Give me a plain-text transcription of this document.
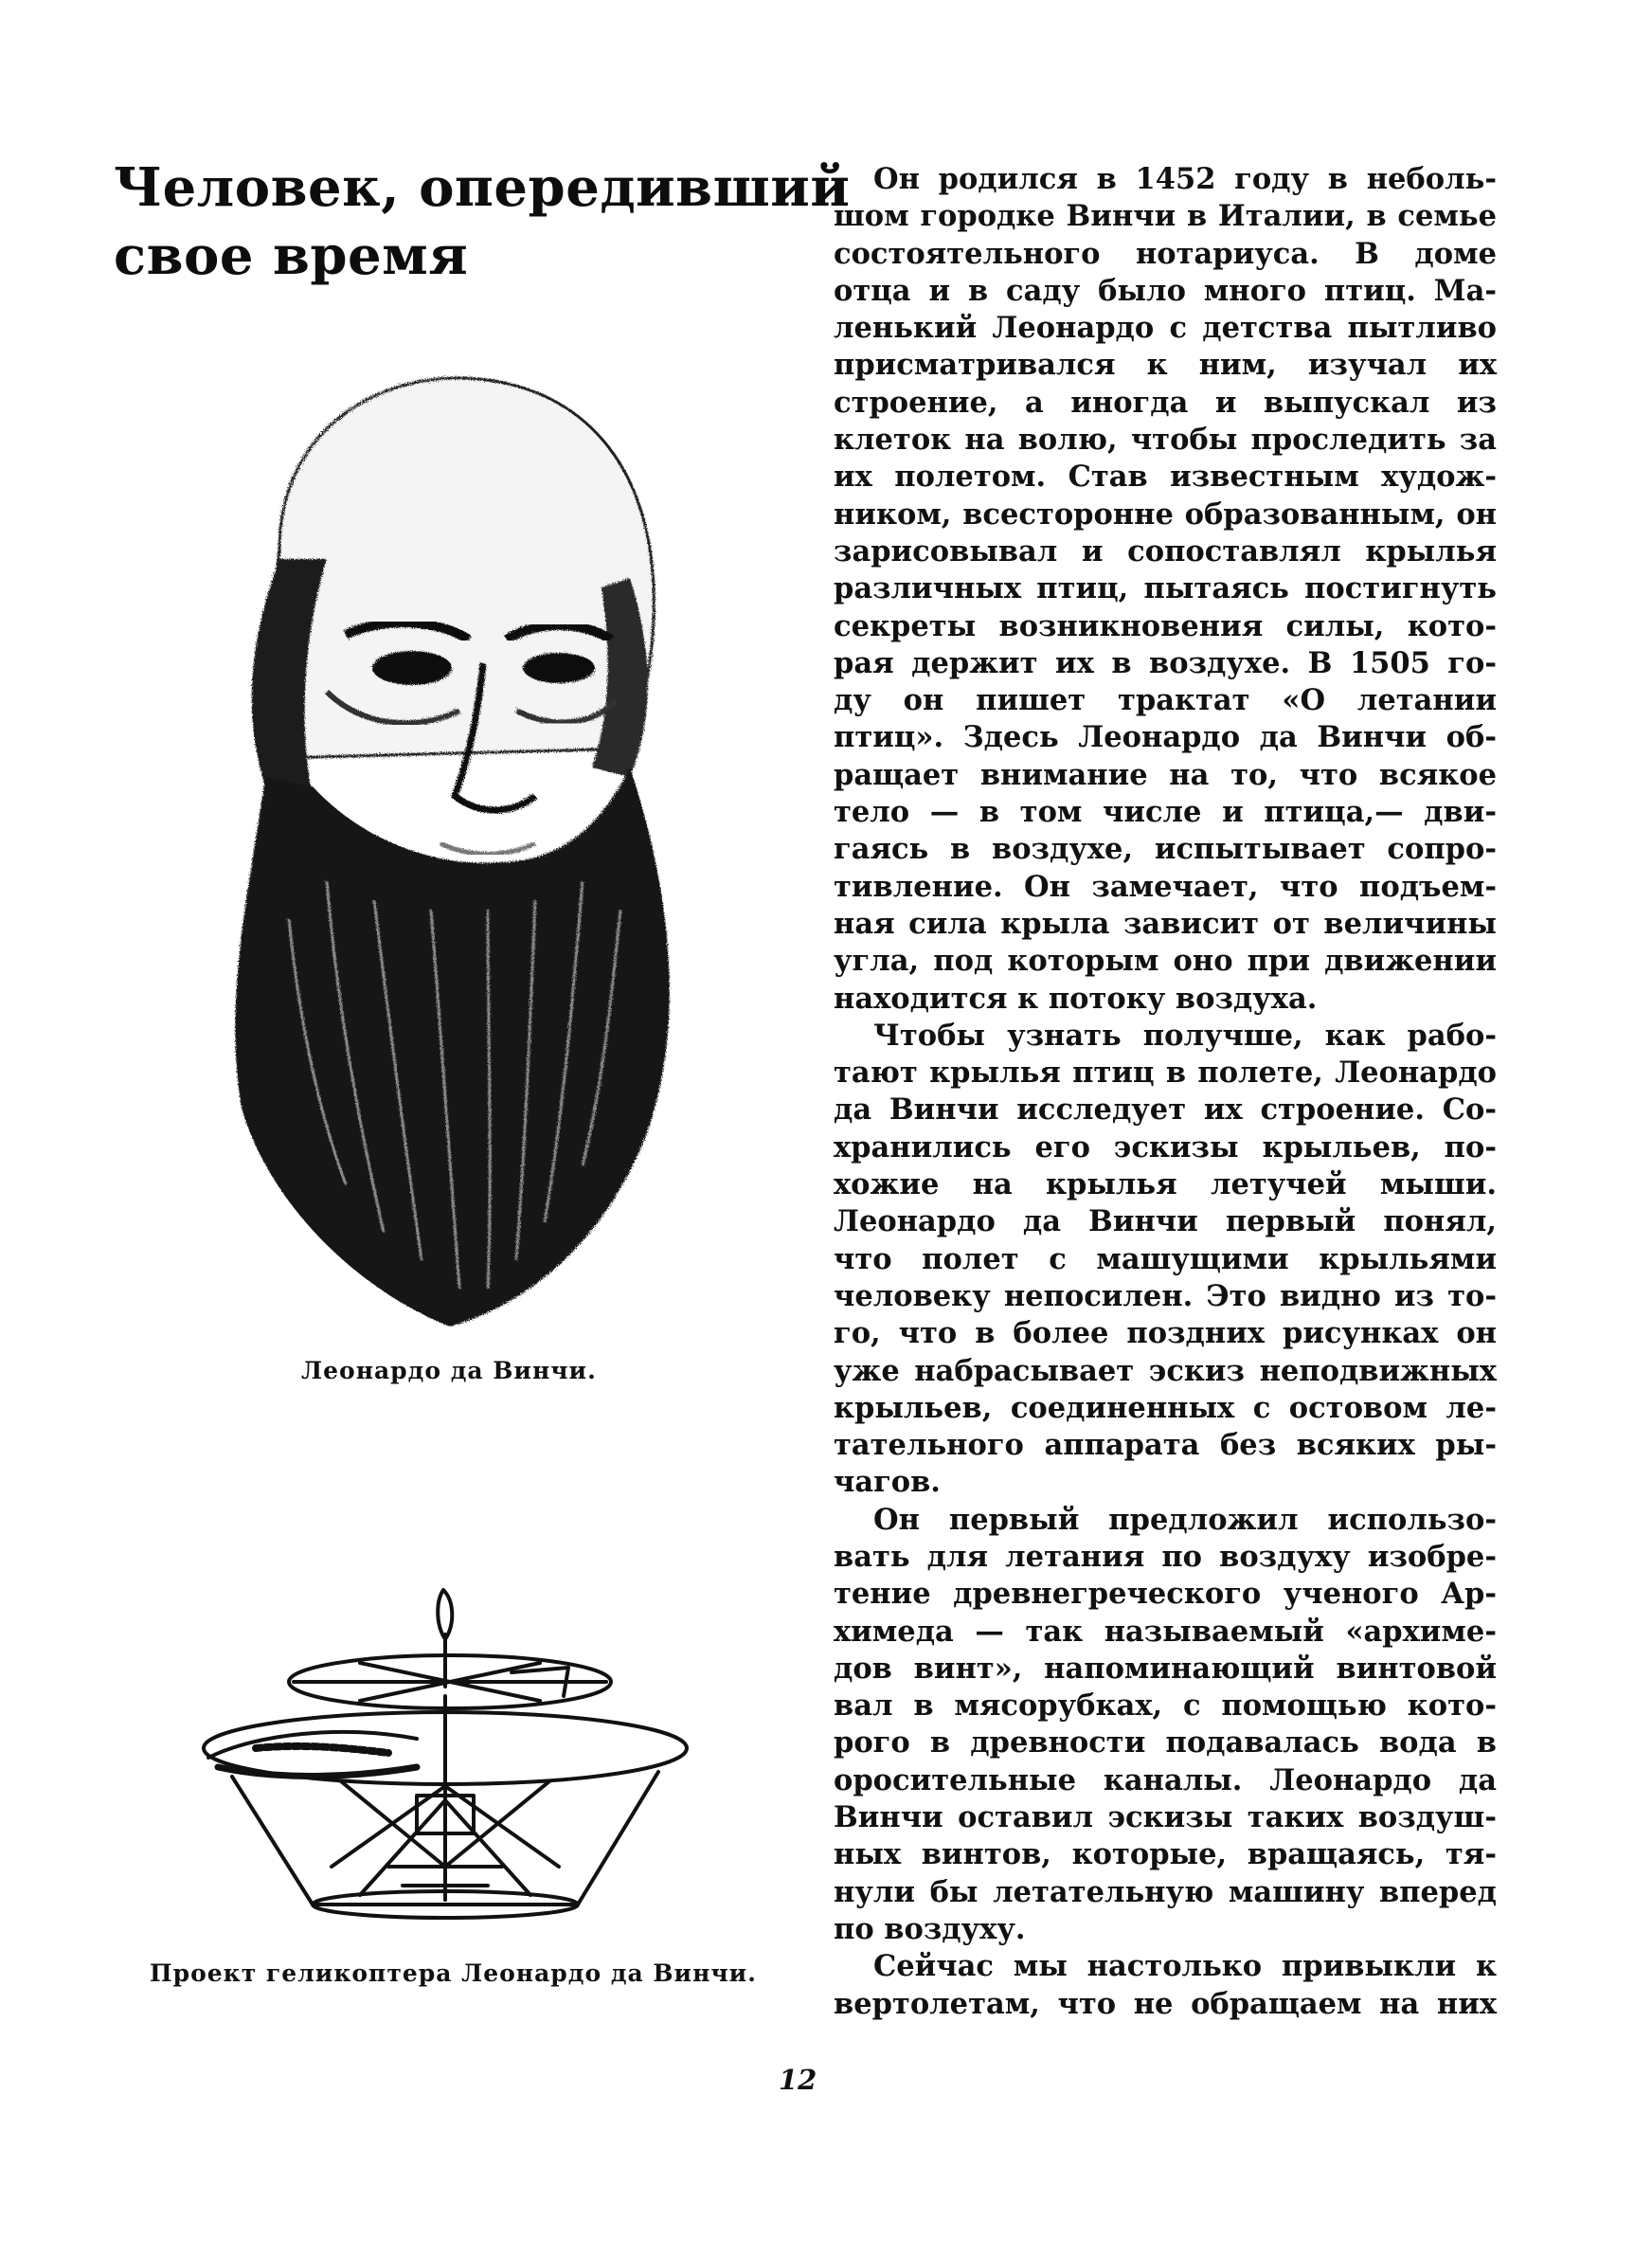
Человек, опередивший
свое время
Леонардо да Винчи.
Проект геликоптера Леонардо да Винчи.
Он родился в 1452 году в неболь-
шом городке Винчи в Италии, в семье
состоятельного нотариуса. В доме
отца и в саду было много птиц. Ма-
ленький Леонардо с детства пытливо
присматривался к ним, изучал их
строение, а иногда и выпускал из
клеток на волю, чтобы проследить за
их полетом. Став известным худож-
ником, всесторонне образованным, он
зарисовывал и сопоставлял крылья
различных птиц, пытаясь постигнуть
секреты возникновения силы, кото-
рая держит их в воздухе. В 1505 го-
ду он пишет трактат «О летании
птиц». Здесь Леонардо да Винчи об-
ращает внимание на то, что всякое
тело — в том числе и птица,— дви-
гаясь в воздухе, испытывает сопро-
тивление. Он замечает, что подъем-
ная сила крыла зависит от величины
угла, под которым оно при движении
находится к потоку воздуха.
Чтобы узнать получше, как рабо-
тают крылья птиц в полете, Леонардо
да Винчи исследует их строение. Со-
хранились его эскизы крыльев, по-
хожие на крылья летучей мыши.
Леонардо да Винчи первый понял,
что полет с машущими крыльями
человеку непосилен. Это видно из то-
го, что в более поздних рисунках он
уже набрасывает эскиз неподвижных
крыльев, соединенных с остовом ле-
тательного аппарата без всяких ры-
чагов.
Он первый предложил использо-
вать для летания по воздуху изобре-
тение древнегреческого ученого Ар-
химеда — так называемый «архиме-
дов винт», напоминающий винтовой
вал в мясорубках, с помощью кото-
рого в древности подавалась вода в
оросительные каналы. Леонардо да
Винчи оставил эскизы таких воздуш-
ных винтов, которые, вращаясь, тя-
нули бы летательную машину вперед
по воздуху.
Сейчас мы настолько привыкли к
вертолетам, что не обращаем на них
12
